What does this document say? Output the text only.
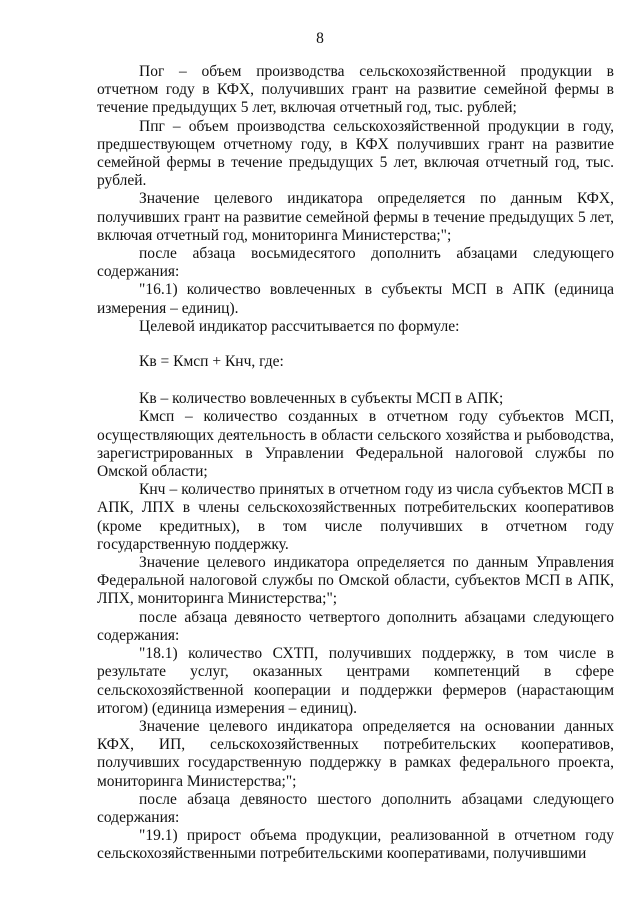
8

Пог – объем производства сельскохозяйственной продукции в отчетном году в КФХ, получивших грант на развитие семейной фермы в течение предыдущих 5 лет, включая отчетный год, тыс. рублей;

Ппг – объем производства сельскохозяйственной продукции в году, предшествующем отчетному году, в КФХ получивших грант на развитие семейной фермы в течение предыдущих 5 лет, включая отчетный год, тыс. рублей.

Значение целевого индикатора определяется по данным КФХ, получивших грант на развитие семейной фермы в течение предыдущих 5 лет, включая отчетный год, мониторинга Министерства;";

после абзаца восьмидесятого дополнить абзацами следующего содержания:

"16.1) количество вовлеченных в субъекты МСП в АПК (единица измерения – единиц).

Целевой индикатор рассчитывается по формуле:

Кв = Кмсп + Кнч, где:

Кв – количество вовлеченных в субъекты МСП в АПК;

Кмсп – количество созданных в отчетном году субъектов МСП, осуществляющих деятельность в области сельского хозяйства и рыбоводства, зарегистрированных в Управлении Федеральной налоговой службы по Омской области;

Кнч – количество принятых в отчетном году из числа субъектов МСП в АПК, ЛПХ в члены сельскохозяйственных потребительских кооперативов (кроме кредитных), в том числе получивших в отчетном году государственную поддержку.

Значение целевого индикатора определяется по данным Управления Федеральной налоговой службы по Омской области, субъектов МСП в АПК, ЛПХ, мониторинга Министерства;";

после абзаца девяносто четвертого дополнить абзацами следующего содержания:

"18.1) количество СХТП, получивших поддержку, в том числе в результате услуг, оказанных центрами компетенций в сфере сельскохозяйственной кооперации и поддержки фермеров (нарастающим итогом) (единица измерения – единиц).

Значение целевого индикатора определяется на основании данных КФХ, ИП, сельскохозяйственных потребительских кооперативов, получивших государственную поддержку в рамках федерального проекта, мониторинга Министерства;";

после абзаца девяносто шестого дополнить абзацами следующего содержания:

"19.1) прирост объема продукции, реализованной в отчетном году сельскохозяйственными потребительскими кооперативами, получившими
